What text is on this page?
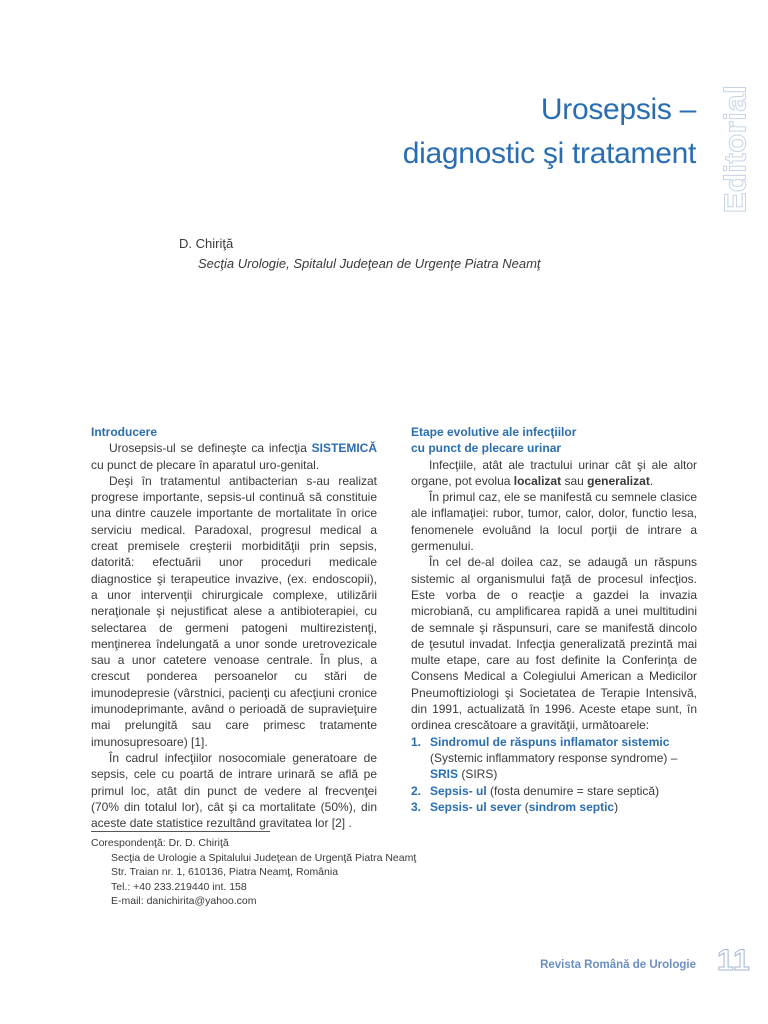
Urosepsis –
diagnostic şi tratament Editorial
D. Chiriţă
Secţia Urologie, Spitalul Judeţean de Urgenţe Piatra Neamţ
Introducere

Urosepsis-ul se defineşte ca infecţia SISTEMICĂ cu punct de plecare în aparatul uro-genital.

Deşi în tratamentul antibacterian s-au realizat progrese importante, sepsis-ul continuă să constituie una dintre cauzele importante de mortalitate în orice serviciu medical. Paradoxal, progresul medical a creat premisele creşterii morbidităţii prin sepsis, datorită: efectuării unor proceduri medicale diagnostice şi terapeutice invazive, (ex. endoscopii), a unor intervenţii chirurgicale complexe, utilizării neraţionale şi nejustificat alese a antibioterapiei, cu selectarea de germeni patogeni multirezistenţi, menţinerea îndelungată a unor sonde uretrovezicale sau a unor catetere venoase centrale. În plus, a crescut ponderea persoanelor cu stări de imunodepresie (vârstnici, pacienţi cu afecţiuni cronice imunodeprimante, având o perioadă de supravieţuire mai prelungită sau care primesc tratamente imunosupresoare) [1].

În cadrul infecţiilor nosocomiale generatoare de sepsis, cele cu poartă de intrare urinară se află pe primul loc, atât din punct de vedere al frecvenţei (70% din totalul lor), cât şi ca mortalitate (50%), din aceste date statistice rezultând gravitatea lor [2] .

Etape evolutive ale infecţiilor
cu punct de plecare urinar

Infecţiile, atât ale tractului urinar cât şi ale altor organe, pot evolua localizat sau generalizat.

În primul caz, ele se manifestă cu semnele clasice ale inflamaţiei: rubor, tumor, calor, dolor, functio lesa, fenomenele evoluând la locul porţii de intrare a germenului.

În cel de-al doilea caz, se adaugă un răspuns sistemic al organismului faţă de procesul infecţios. Este vorba de o reacţie a gazdei la invazia microbiană, cu amplificarea rapidă a unei multitudini de semnale şi răspunsuri, care se manifestă dincolo de ţesutul invadat. Infecţia generalizată prezintă mai multe etape, care au fost definite la Conferinţa de Consens Medical a Colegiului American a Medicilor Pneumoftiziologi şi Societatea de Terapie Intensivă, din 1991, actualizată în 1996. Aceste etape sunt, în ordinea crescătoare a gravităţii, următoarele:

1. Sindromul de răspuns inflamator sistemic
(Systemic inflammatory response syndrome) –
SRIS (SIRS)
2. Sepsis- ul (fosta denumire = stare septică)
3. Sepsis- ul sever (sindrom septic)
Corespondenţă: Dr. D. Chiriţă
Secţia de Urologie a Spitalului Judeţean de Urgenţă Piatra Neamţ
Str. Traian nr. 1, 610136, Piatra Neamţ, România
Tel.: +40 233.219440 int. 158
E-mail: danichirita@yahoo.com
Revista Română de Urologie 11
